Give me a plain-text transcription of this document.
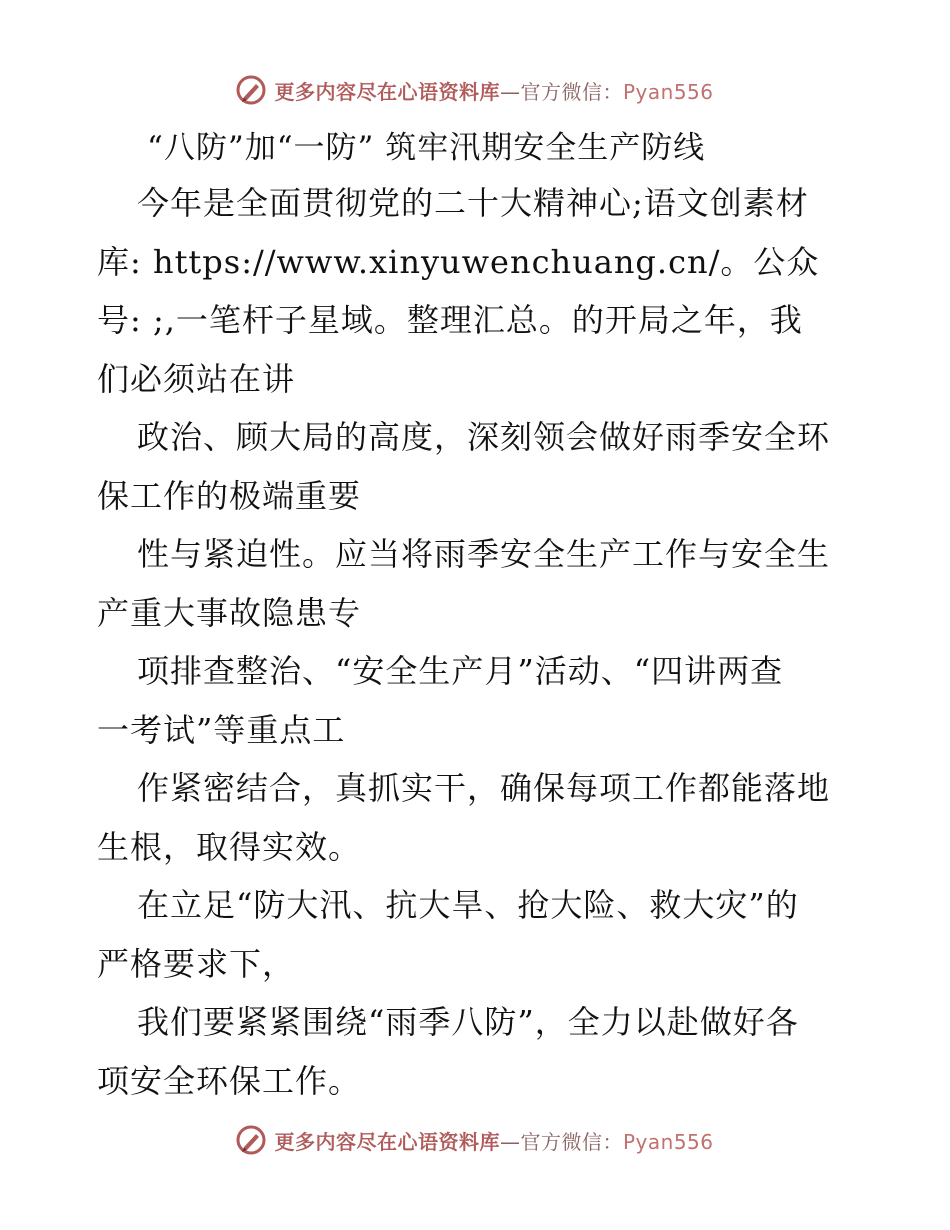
更多内容尽在心语资料库—官方微信：Pyan556
“八防”加“一防” 筑牢汛期安全生产防线
今年是全面贯彻党的二十大精神心;语文创素材
库: https://www.xinyuwenchuang.cn/。公众
号: ;,一笔杆子星域。整理汇总。的开局之年，我
们必须站在讲
政治、顾大局的高度，深刻领会做好雨季安全环
保工作的极端重要
性与紧迫性。应当将雨季安全生产工作与安全生
产重大事故隐患专
项排查整治、“安全生产月”活动、“四讲两查
一考试”等重点工
作紧密结合，真抓实干，确保每项工作都能落地
生根，取得实效。
在立足“防大汛、抗大旱、抢大险、救大灾”的
严格要求下，
我们要紧紧围绕“雨季八防”，全力以赴做好各
项安全环保工作。
更多内容尽在心语资料库—官方微信：Pyan556
